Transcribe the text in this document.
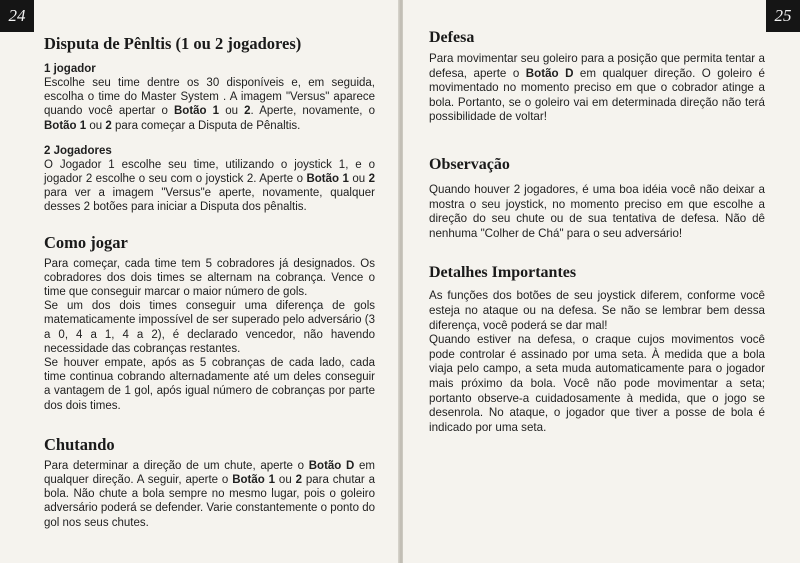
24
Disputa de Pênltis (1 ou 2 jogadores)
1 jogador

Escolhe seu time dentre os 30 disponíveis e, em seguida, escolha o time do Master System . A imagem "Versus" aparece quando você apertar o Botão 1 ou 2. Aperte, novamente, o Botão 1 ou 2 para começar a Disputa de Pênaltis.

2 Jogadores

O Jogador 1 escolhe seu time, utilizando o joystick 1, e o jogador 2 escolhe o seu com o joystick 2. Aperte o Botão 1 ou 2 para ver a imagem "Versus"e aperte, novamente, qualquer desses 2 botões para iniciar a Disputa dos pênaltis.

Como jogar

Para começar, cada time tem 5 cobradores já designados. Os cobradores dos dois times se alternam na cobrança. Vence o time que conseguir marcar o maior número de gols.

Se um dos dois times conseguir uma diferença de gols matematicamente impossível de ser superado pelo adversário (3 a 0, 4 a 1, 4 a 2), é declarado vencedor, não havendo necessidade das cobranças restantes.

Se houver empate, após as 5 cobranças de cada lado, cada time continua cobrando alternadamente até um deles conseguir a vantagem de 1 gol, após igual número de cobranças por parte dos dois times.

Chutando

Para determinar a direção de um chute, aperte o Botão D em qualquer direção. A seguir, aperte o Botão 1 ou 2 para chutar a bola. Não chute a bola sempre no mesmo lugar, pois o goleiro adversário poderá se defender. Varie constantemente o ponto do gol nos seus chutes.

25
Defesa

Para movimentar seu goleiro para a posição que permita tentar a defesa, aperte o Botão D em qualquer direção. O goleiro é movimentado no momento preciso em que o cobrador atinge a bola. Portanto, se o goleiro vai em determinada direção não terá possibilidade de voltar!

Observação

Quando houver 2 jogadores, é uma boa idéia você não deixar a mostra o seu joystick, no momento preciso em que escolhe a direção do seu chute ou de sua tentativa de defesa. Não dê nenhuma "Colher de Chá" para o seu adversário!

Detalhes Importantes

As funções dos botões de seu joystick diferem, conforme você esteja no ataque ou na defesa. Se não se lembrar bem dessa diferença, você poderá se dar mal!

Quando estiver na defesa, o craque cujos movimentos você pode controlar é assinado por uma seta. À medida que a bola viaja pelo campo, a seta muda automaticamente para o jogador mais próximo da bola. Você não pode movimentar a seta; portanto observe-a cuidadosamente à medida, que o jogo se desenrola. No ataque, o jogador que tiver a posse de bola é indicado por uma seta.
